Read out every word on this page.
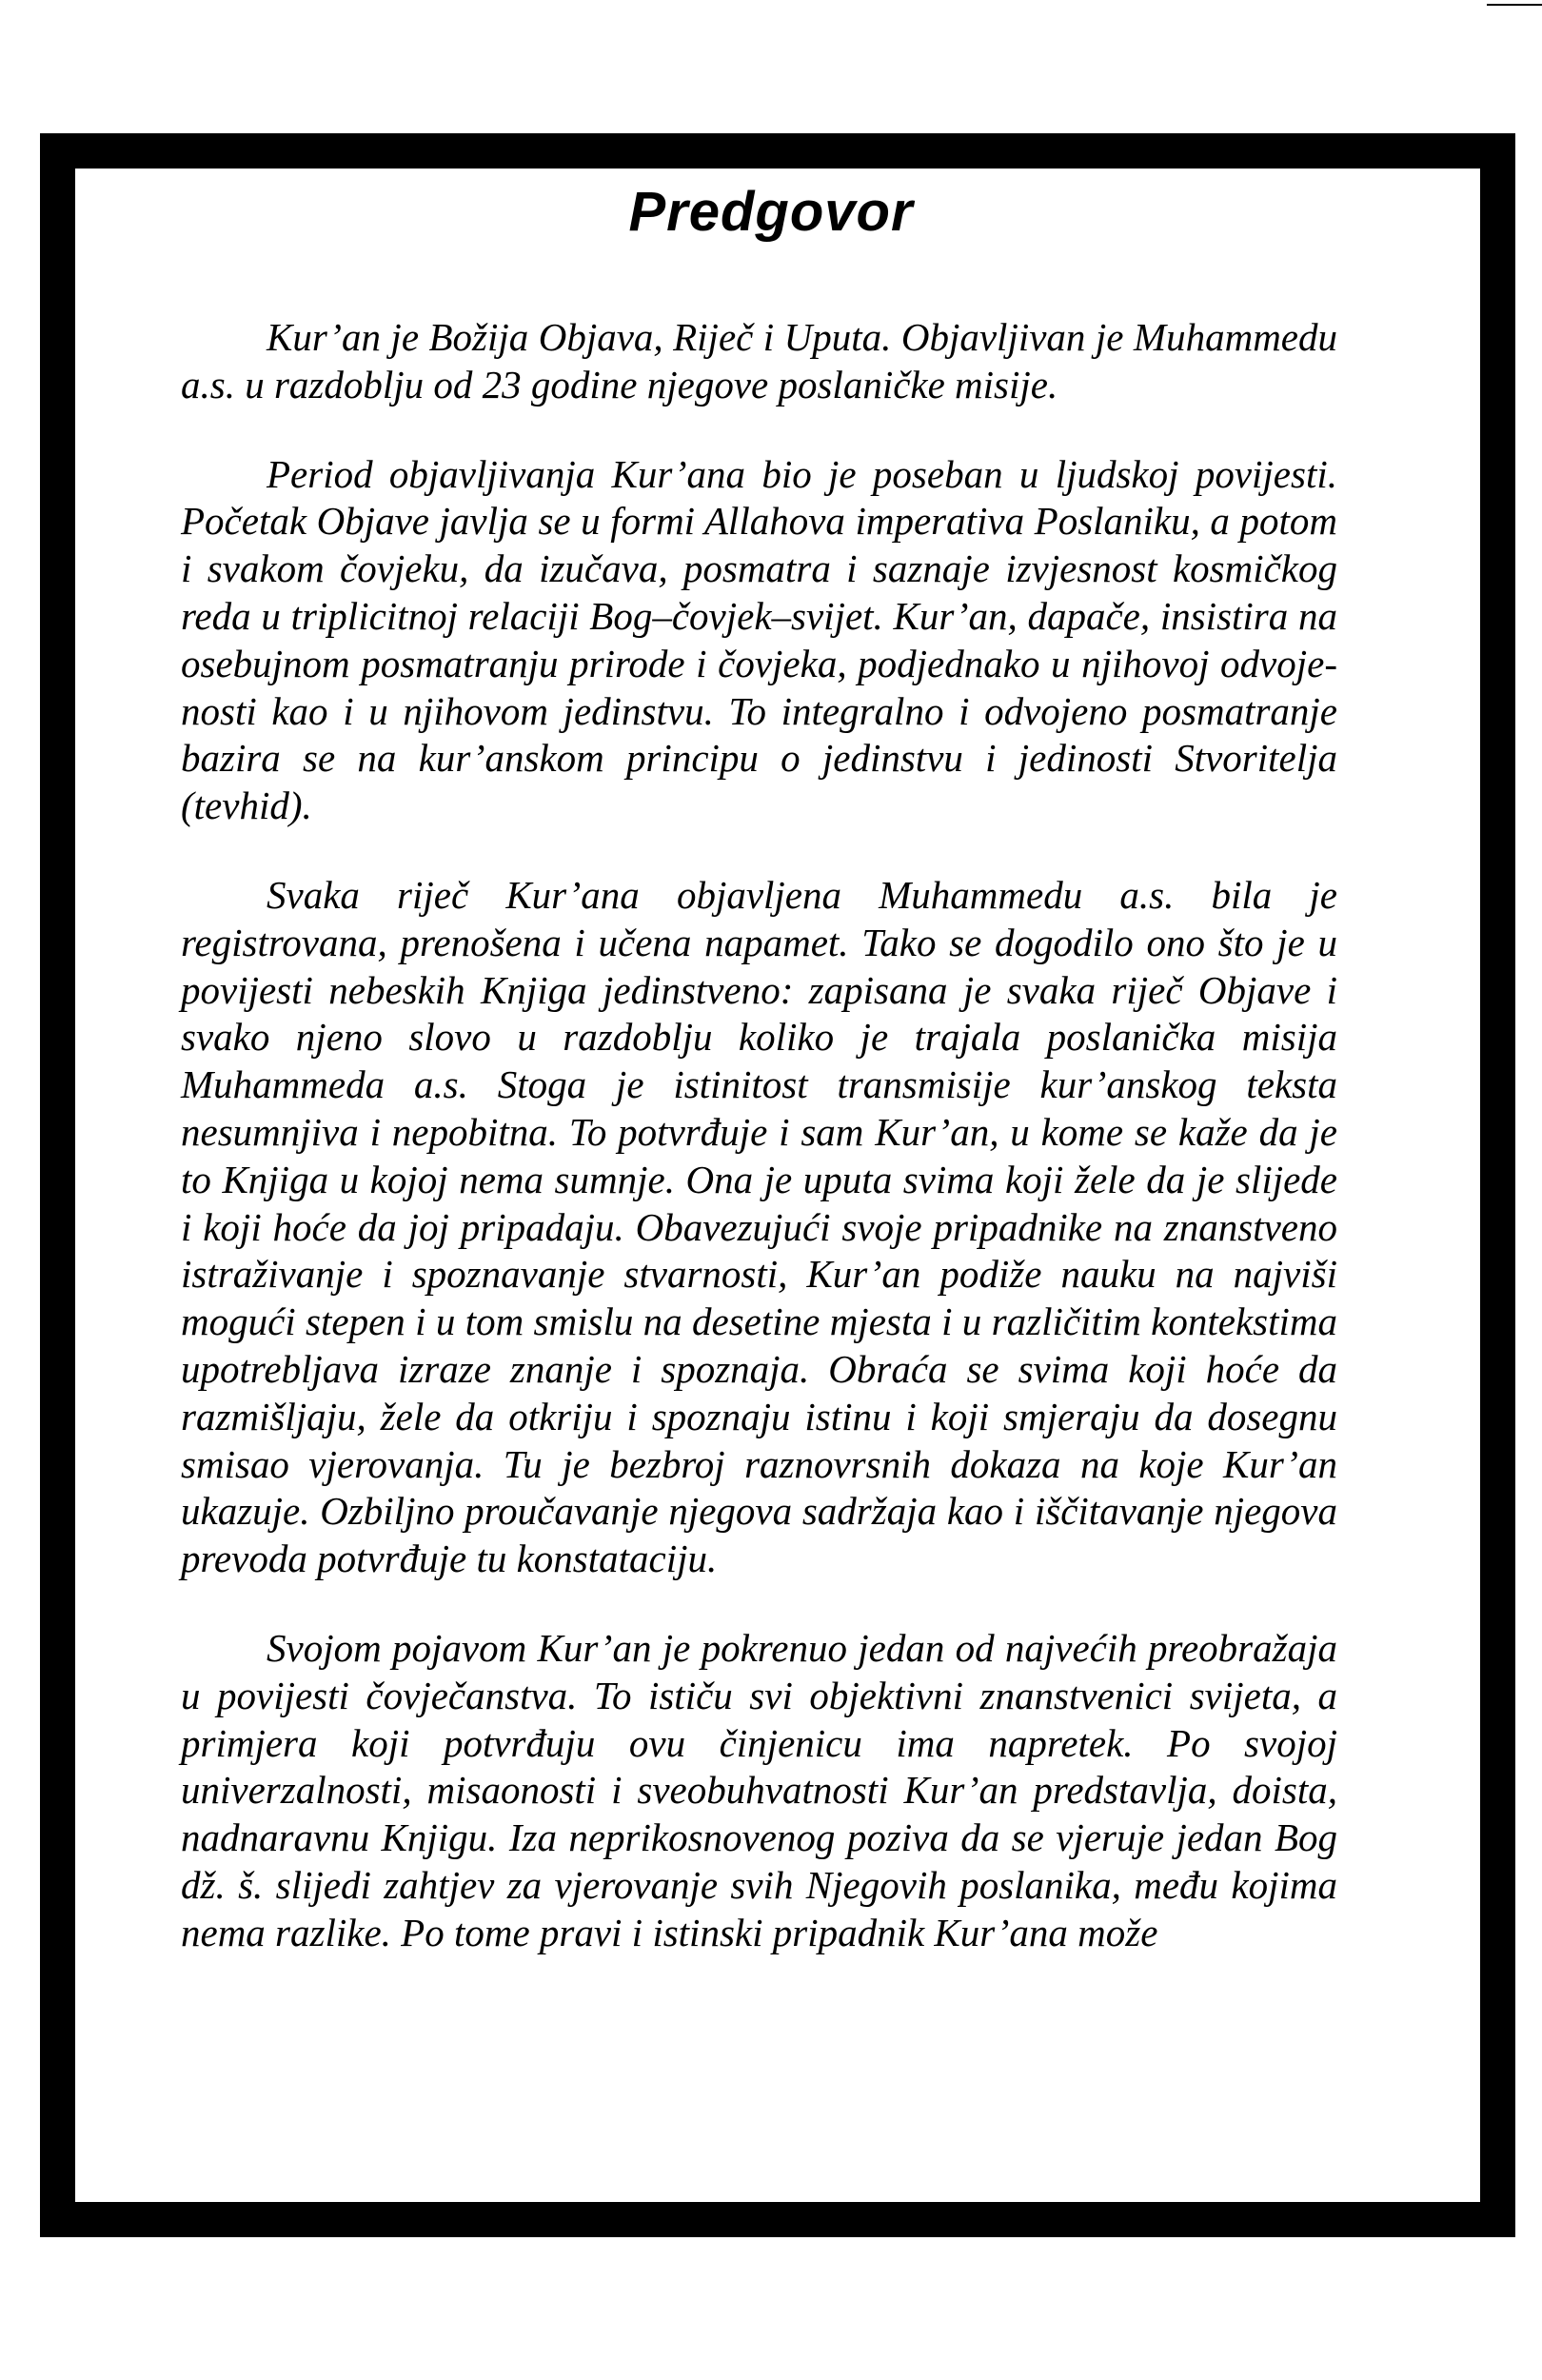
Predgovor

Kur’an je Božija Objava, Riječ i Uputa. Objavljivan je Muhammedu a.s. u razdoblju od 23 godine njegove poslaničke misije.

Period objavljivanja Kur’ana bio je poseban u ljudskoj povijesti. Početak Objave javlja se u formi Allahova imperativa Poslaniku, a potom i svakom čovjeku, da izučava, posmatra i saznaje izvjesnost kosmičkog reda u triplicitnoj relaciji Bog–čovjek–svijet. Kur’an, dapače, insistira na osebujnom posmatranju prirode i čovjeka, podjednako u njihovoj odvojenosti kao i u njihovom jedinstvu. To integralno i odvojeno posmatranje bazira se na kur’anskom principu o jedinstvu i jedinosti Stvoritelja (tevhid).

Svaka riječ Kur’ana objavljena Muhammedu a.s. bila je registrovana, prenošena i učena napamet. Tako se dogodilo ono što je u povijesti nebeskih Knjiga jedinstveno: zapisana je svaka riječ Objave i svako njeno slovo u razdoblju koliko je trajala poslanička misija Muhammeda a.s. Stoga je istinitost transmisije kur’anskog teksta nesumnjiva i nepobitna. To potvrđuje i sam Kur’an, u kome se kaže da je to Knjiga u kojoj nema sumnje. Ona je uputa svima koji žele da je slijede i koji hoće da joj pripadaju. Obavezujući svoje pripadnike na znanstveno istraživanje i spoznavanje stvarnosti, Kur’an podiže nauku na najviši mogući stepen i u tom smislu na desetine mjesta i u različitim kontekstima upotrebljava izraze znanje i spoznaja. Obraća se svima koji hoće da razmišljaju, žele da otkriju i spoznaju istinu i koji smjeraju da dosegnu smisao vjerovanja. Tu je bezbroj raznovrsnih dokaza na koje Kur’an ukazuje. Ozbiljno proučavanje njegova sadržaja kao i iščitavanje njegova prevoda potvrđuje tu konstataciju.

Svojom pojavom Kur’an je pokrenuo jedan od najvećih preobražaja u povijesti čovječanstva. To ističu svi objektivni znanstvenici svijeta, a primjera koji potvrđuju ovu činjenicu ima napretek. Po svojoj univerzalnosti, misaonosti i sveobuhvatnosti Kur’an predstavlja, doista, nadnaravnu Knjigu. Iza neprikosnovenog poziva da se vjeruje jedan Bog dž. š. slijedi zahtjev za vjerovanje svih Njegovih poslanika, među kojima nema razlike. Po tome pravi i istinski pripadnik Kur’ana može
